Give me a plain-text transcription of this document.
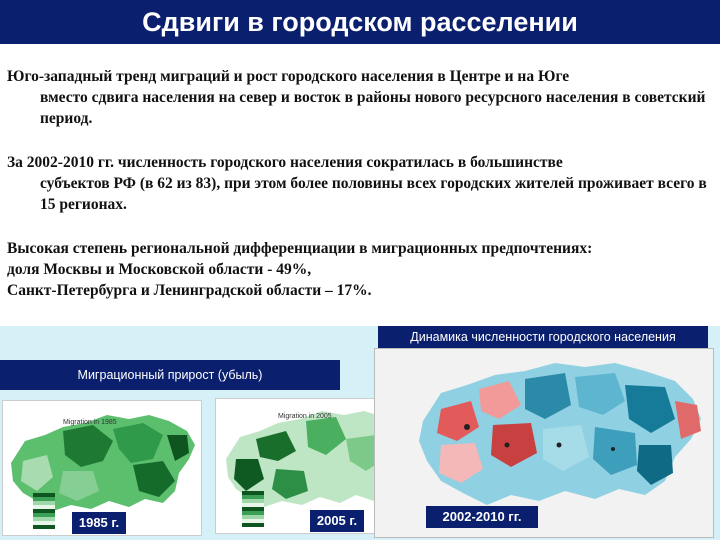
Сдвиги в городском расселении

Юго-западный тренд миграций и рост городского населения в Центре и на Юге
вместо сдвига населения на север и восток в районы нового ресурсного населения в советский период.

За 2002-2010 гг. численность городского населения сократилась в большинстве
субъектов РФ (в 62 из 83), при этом более половины всех городских жителей проживает всего в 15 регионах.

Высокая степень региональной дифференциации в миграционных предпочтениях:
доля Москвы и Московской области - 49%,
Санкт-Петербурга и Ленинградской области – 17%.

Динамика численности городского населения
Миграционный прирост (убыль)
Migration in 1985
1985 г.
Migration in 2005
2005 г.	2002-2010 гг.
